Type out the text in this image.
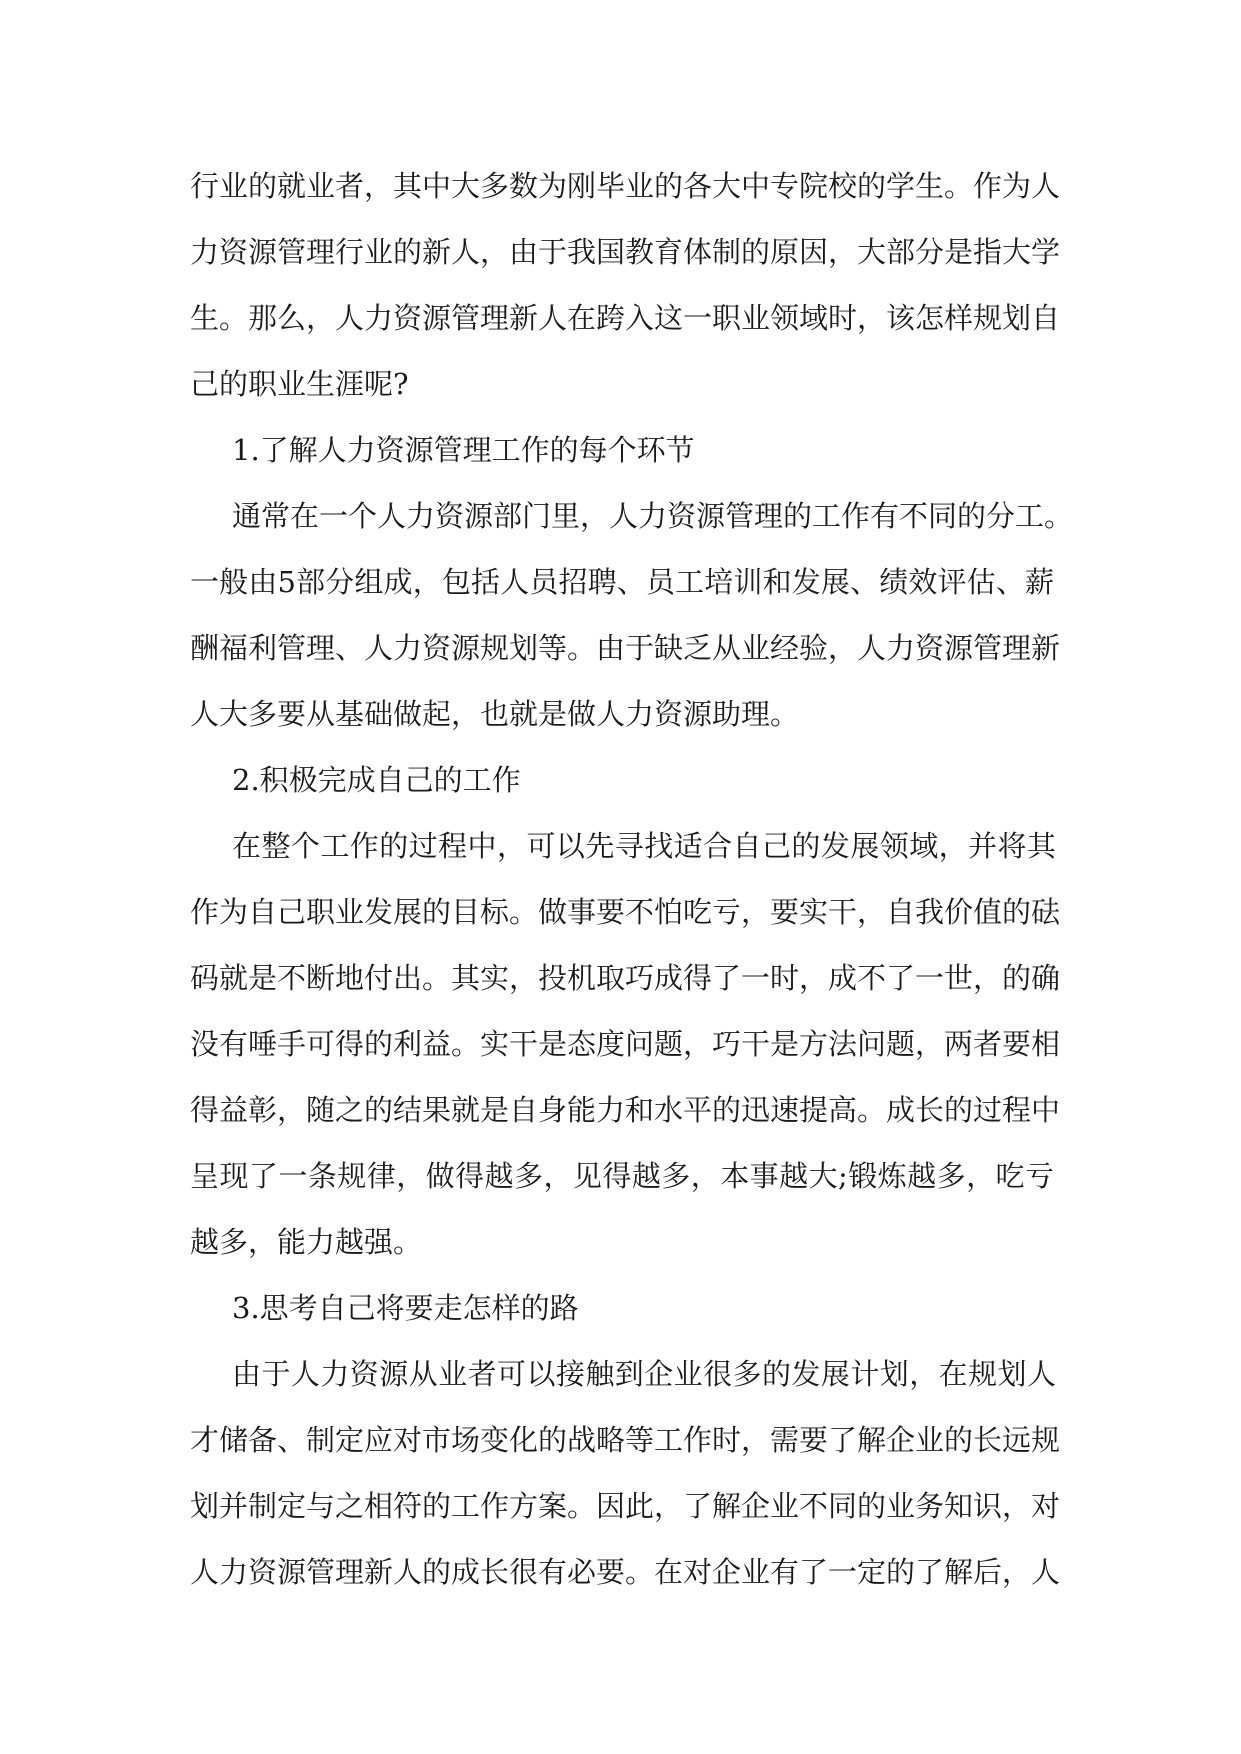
行业的就业者，其中大多数为刚毕业的各大中专院校的学生。作为人

力资源管理行业的新人，由于我国教育体制的原因，大部分是指大学

生。那么，人力资源管理新人在跨入这一职业领域时，该怎样规划自

己的职业生涯呢?

1.了解人力资源管理工作的每个环节

通常在一个人力资源部门里，人力资源管理的工作有不同的分工。

一般由5部分组成，包括人员招聘、员工培训和发展、绩效评估、薪

酬福利管理、人力资源规划等。由于缺乏从业经验，人力资源管理新

人大多要从基础做起，也就是做人力资源助理。

2.积极完成自己的工作

在整个工作的过程中，可以先寻找适合自己的发展领域，并将其

作为自己职业发展的目标。做事要不怕吃亏，要实干，自我价值的砝

码就是不断地付出。其实，投机取巧成得了一时，成不了一世，的确

没有唾手可得的利益。实干是态度问题，巧干是方法问题，两者要相

得益彰，随之的结果就是自身能力和水平的迅速提高。成长的过程中

呈现了一条规律，做得越多，见得越多，本事越大;锻炼越多，吃亏

越多，能力越强。

3.思考自己将要走怎样的路

由于人力资源从业者可以接触到企业很多的发展计划，在规划人

才储备、制定应对市场变化的战略等工作时，需要了解企业的长远规

划并制定与之相符的工作方案。因此，了解企业不同的业务知识，对

人力资源管理新人的成长很有必要。在对企业有了一定的了解后，人
